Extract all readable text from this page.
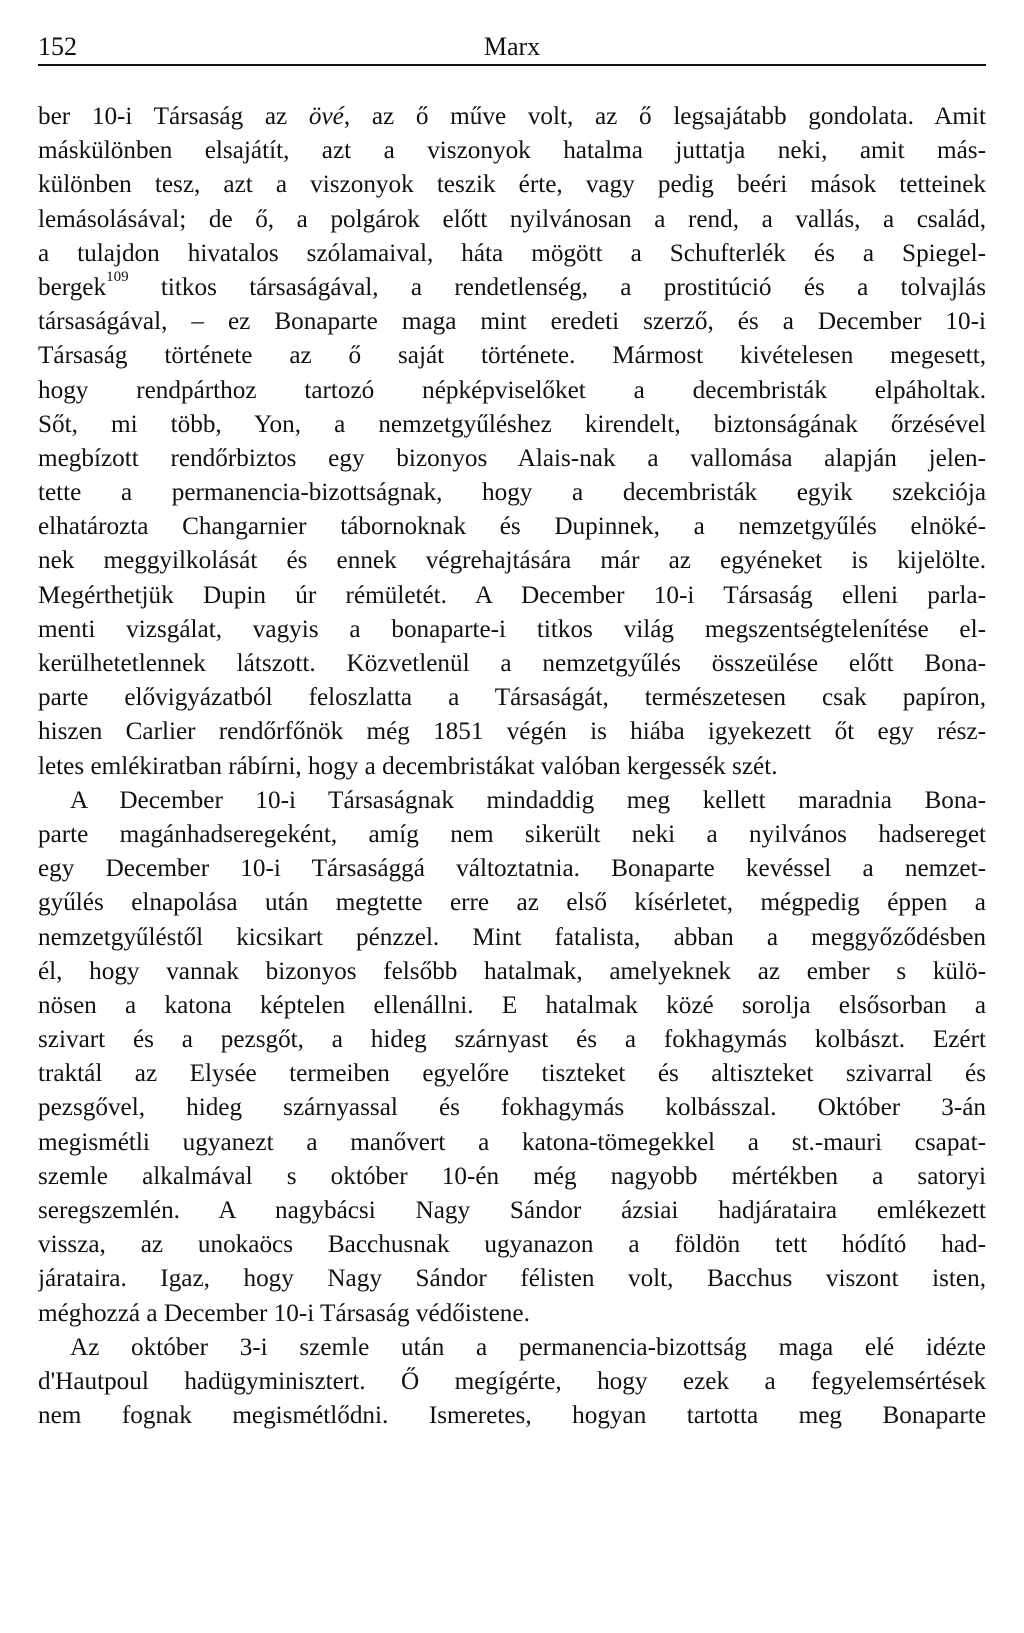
152	Marx

ber 10-i Társaság az övé, az ő műve volt, az ő legsajátabb gondolata. Amit

máskülönben elsajátít, azt a viszonyok hatalma juttatja neki, amit más-

különben tesz, azt a viszonyok teszik érte, vagy pedig beéri mások tetteinek

lemásolásával; de ő, a polgárok előtt nyilvánosan a rend, a vallás, a család,

a tulajdon hivatalos szólamaival, háta mögött a Schufterlék és a Spiegel-

bergek$^{109}$ titkos társaságával, a rendetlenség, a prostitúció és a tolvajlás

társaságával, – ez Bonaparte maga mint eredeti szerző, és a December 10-i

Társaság története az ő saját története. Mármost kivételesen megesett,

hogy rendpárthoz tartozó népképviselőket a decembristák elpáholtak.

Sőt, mi több, Yon, a nemzetgyűléshez kirendelt, biztonságának őrzésével

megbízott rendőrbiztos egy bizonyos Alais-nak a vallomása alapján jelen-

tette a permanencia-bizottságnak, hogy a decembristák egyik szekciója

elhatározta Changarnier tábornoknak és Dupinnek, a nemzetgyűlés elnöké-

nek meggyilkolását és ennek végrehajtására már az egyéneket is kijelölte.

Megérthetjük Dupin úr rémületét. A December 10-i Társaság elleni parla-

menti vizsgálat, vagyis a bonaparte-i titkos világ megszentségtelenítése el-

kerülhetetlennek látszott. Közvetlenül a nemzetgyűlés összeülése előtt Bona-

parte elővigyázatból feloszlatta a Társaságát, természetesen csak papíron,

hiszen Carlier rendőrfőnök még 1851 végén is hiába igyekezett őt egy rész-

letes emlékiratban rábírni, hogy a decembristákat valóban kergessék szét.

A December 10-i Társaságnak mindaddig meg kellett maradnia Bona-

parte magánhadseregeként, amíg nem sikerült neki a nyilvános hadsereget

egy December 10-i Társasággá változtatnia. Bonaparte kevéssel a nemzet-

gyűlés elnapolása után megtette erre az első kísérletet, mégpedig éppen a

nemzetgyűléstől kicsikart pénzzel. Mint fatalista, abban a meggyőződésben

él, hogy vannak bizonyos felsőbb hatalmak, amelyeknek az ember s külö-

nösen a katona képtelen ellenállni. E hatalmak közé sorolja elsősorban a

szivart és a pezsgőt, a hideg szárnyast és a fokhagymás kolbászt. Ezért

traktál az Elysée termeiben egyelőre tiszteket és altiszteket szivarral és

pezsgővel, hideg szárnyassal és fokhagymás kolbásszal. Október 3-án

megismétli ugyanezt a manővert a katona-tömegekkel a st.-mauri csapat-

szemle alkalmával s október 10-én még nagyobb mértékben a satoryi

seregszemlén. A nagybácsi Nagy Sándor ázsiai hadjárataira emlékezett

vissza, az unokaöcs Bacchusnak ugyanazon a földön tett hódító had-

járataira. Igaz, hogy Nagy Sándor félisten volt, Bacchus viszont isten,

méghozzá a December 10-i Társaság védőistene.

Az október 3-i szemle után a permanencia-bizottság maga elé idézte

d'Hautpoul hadügyminisztert. Ő megígérte, hogy ezek a fegyelemsértések

nem fognak megismétlődni. Ismeretes, hogyan tartotta meg Bonaparte
